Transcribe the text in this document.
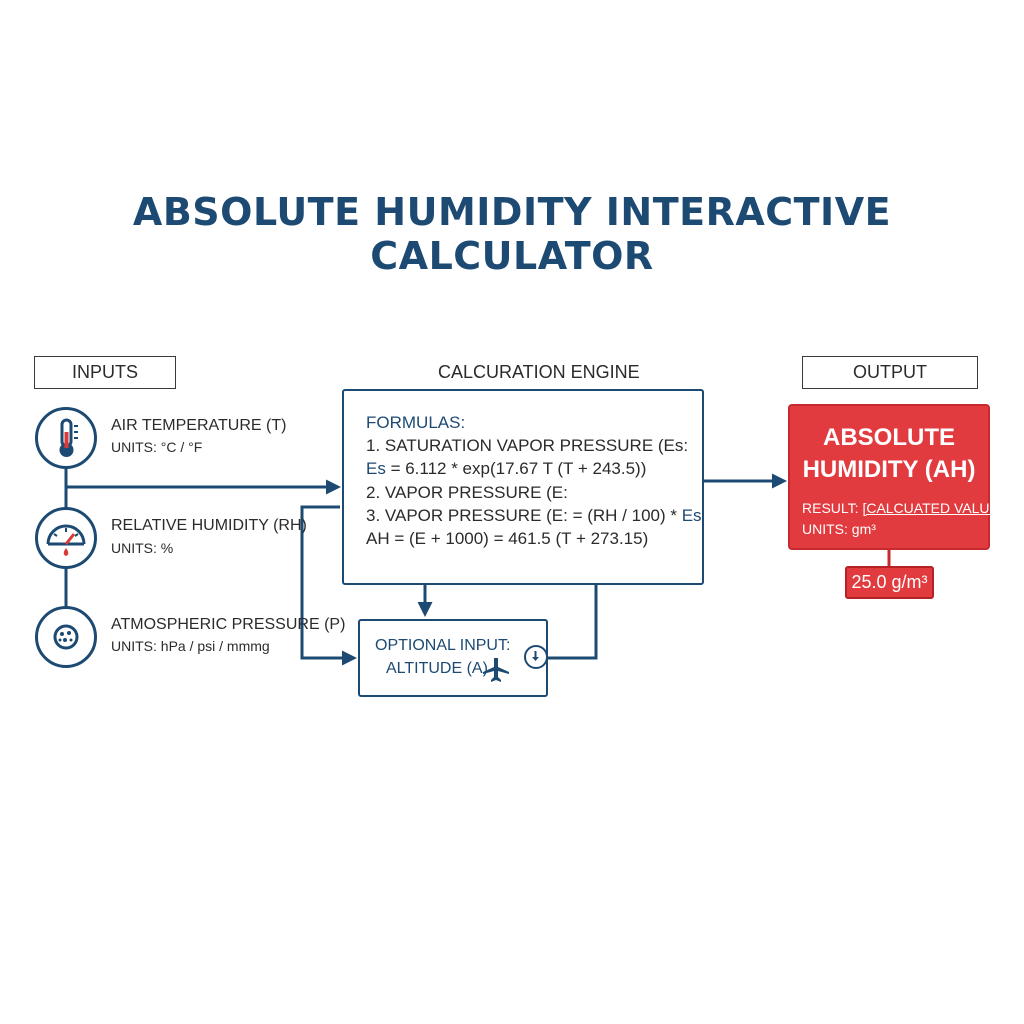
ABSOLUTE HUMIDITY INTERACTIVE CALCULATOR
INPUTS
AIR TEMPERATURE (T)
UNITS: °C / °F
RELATIVE HUMIDITY (RH)
UNITS: %
ATMOSPHERIC PRESSURE (P)
UNITS: hPa / psi / mmmg
CALCURATION ENGINE
FORMULAS:
1. SATURATION VAPOR PRESSURE (Es:
Es = 6.112 * exp(17.67 T (T + 243.5))
2. VAPOR PRESSURE (E:
3. VAPOR PRESSURE (E: = (RH / 100) * Es
AH = (E + 1000) = 461.5 (T + 273.15)
OPTIONAL INPUT:
ALTITUDE (A)
OUTPUT
ABSOLUTE
HUMIDITY (AH)
RESULT: [CALCUATED VALUE]
UNITS: gm³
25.0 g/m³
